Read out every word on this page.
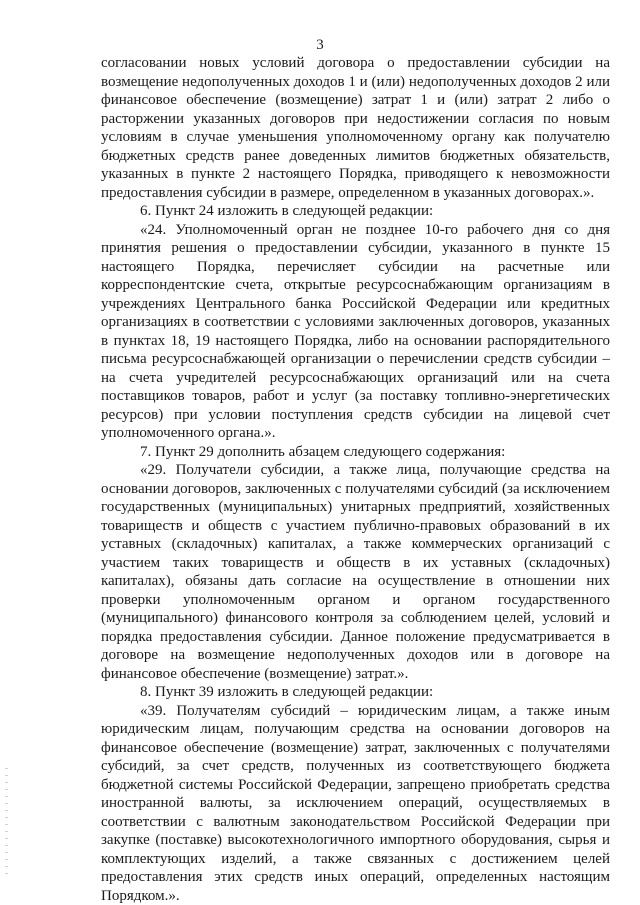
3

согласовании новых условий договора о предоставлении субсидии на возмещение недополученных доходов 1 и (или) недополученных доходов 2 или финансовое обеспечение (возмещение) затрат 1 и (или) затрат 2 либо о расторжении указанных договоров при недостижении согласия по новым условиям в случае уменьшения уполномоченному органу как получателю бюджетных средств ранее доведенных лимитов бюджетных обязательств, указанных в пункте 2 настоящего Порядка, приводящего к невозможности предоставления субсидии в размере, определенном в указанных договорах.».

6. Пункт 24 изложить в следующей редакции:

«24. Уполномоченный орган не позднее 10-го рабочего дня со дня принятия решения о предоставлении субсидии, указанного в пункте 15 настоящего Порядка, перечисляет субсидии на расчетные или корреспондентские счета, открытые ресурсоснабжающим организациям в учреждениях Центрального банка Российской Федерации или кредитных организациях в соответствии с условиями заключенных договоров, указанных в пунктах 18, 19 настоящего Порядка, либо на основании распорядительного письма ресурсоснабжающей организации о перечислении средств субсидии – на счета учредителей ресурсоснабжающих организаций или на счета поставщиков товаров, работ и услуг (за поставку топливно-энергетических ресурсов) при условии поступления средств субсидии на лицевой счет уполномоченного органа.».

7. Пункт 29 дополнить абзацем следующего содержания:

«29. Получатели субсидии, а также лица, получающие средства на основании договоров, заключенных с получателями субсидий (за исключением государственных (муниципальных) унитарных предприятий, хозяйственных товариществ и обществ с участием публично-правовых образований в их уставных (складочных) капиталах, а также коммерческих организаций с участием таких товариществ и обществ в их уставных (складочных) капиталах), обязаны дать согласие на осуществление в отношении них проверки уполномоченным органом и органом государственного (муниципального) финансового контроля за соблюдением целей, условий и порядка предоставления субсидии. Данное положение предусматривается в договоре на возмещение недополученных доходов или в договоре на финансовое обеспечение (возмещение) затрат.».

8. Пункт 39 изложить в следующей редакции:

«39. Получателям субсидий – юридическим лицам, а также иным юридическим лицам, получающим средства на основании договоров на финансовое обеспечение (возмещение) затрат, заключенных с получателями субсидий, за счет средств, полученных из соответствующего бюджета бюджетной системы Российской Федерации, запрещено приобретать средства иностранной валюты, за исключением операций, осуществляемых в соответствии с валютным законодательством Российской Федерации при закупке (поставке) высокотехнологичного импортного оборудования, сырья и комплектующих изделий, а также связанных с достижением целей предоставления этих средств иных операций, определенных настоящим Порядком.».
